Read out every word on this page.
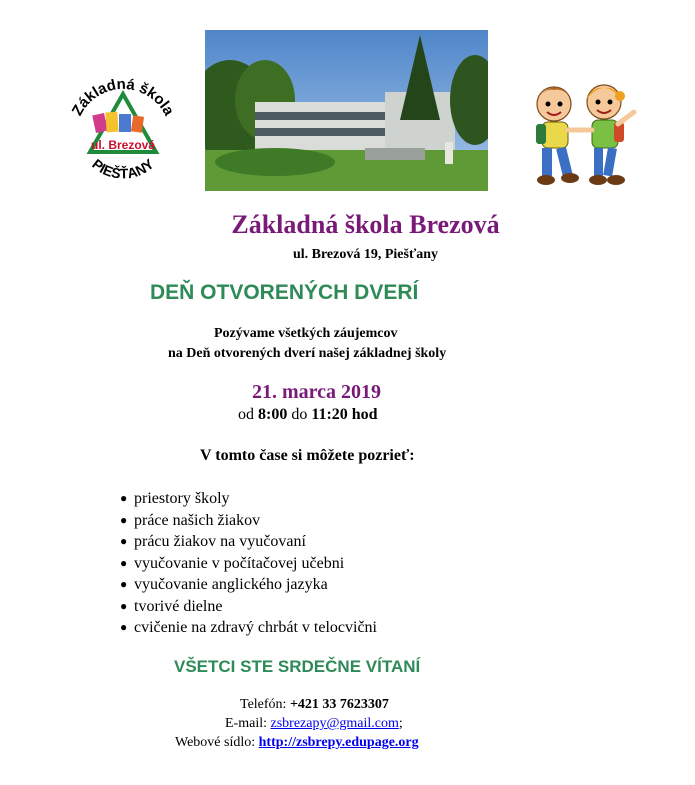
Základná škola
ul. Brezová
PIEŠŤANY
Základná škola Brezová
ul. Brezová 19, Piešťany
DEŇ OTVORENÝCH DVERÍ
Pozývame všetkých záujemcov
na Deň otvorených dverí našej základnej školy
21. marca 2019
od 8:00 do 11:20 hod
V tomto čase si môžete pozrieť:
● priestory školy
● práce našich žiakov
● prácu žiakov na vyučovaní
● vyučovanie v počítačovej učebni
● vyučovanie anglického jazyka
● tvorivé dielne
● cvičenie na zdravý chrbát v telocvični
VŠETCI STE SRDEČNE VÍTANÍ
Telefón: +421 33 7623307
E-mail: zsbrezapy@gmail.com;
Webové sídlo: http://zsbrepy.edupage.org
